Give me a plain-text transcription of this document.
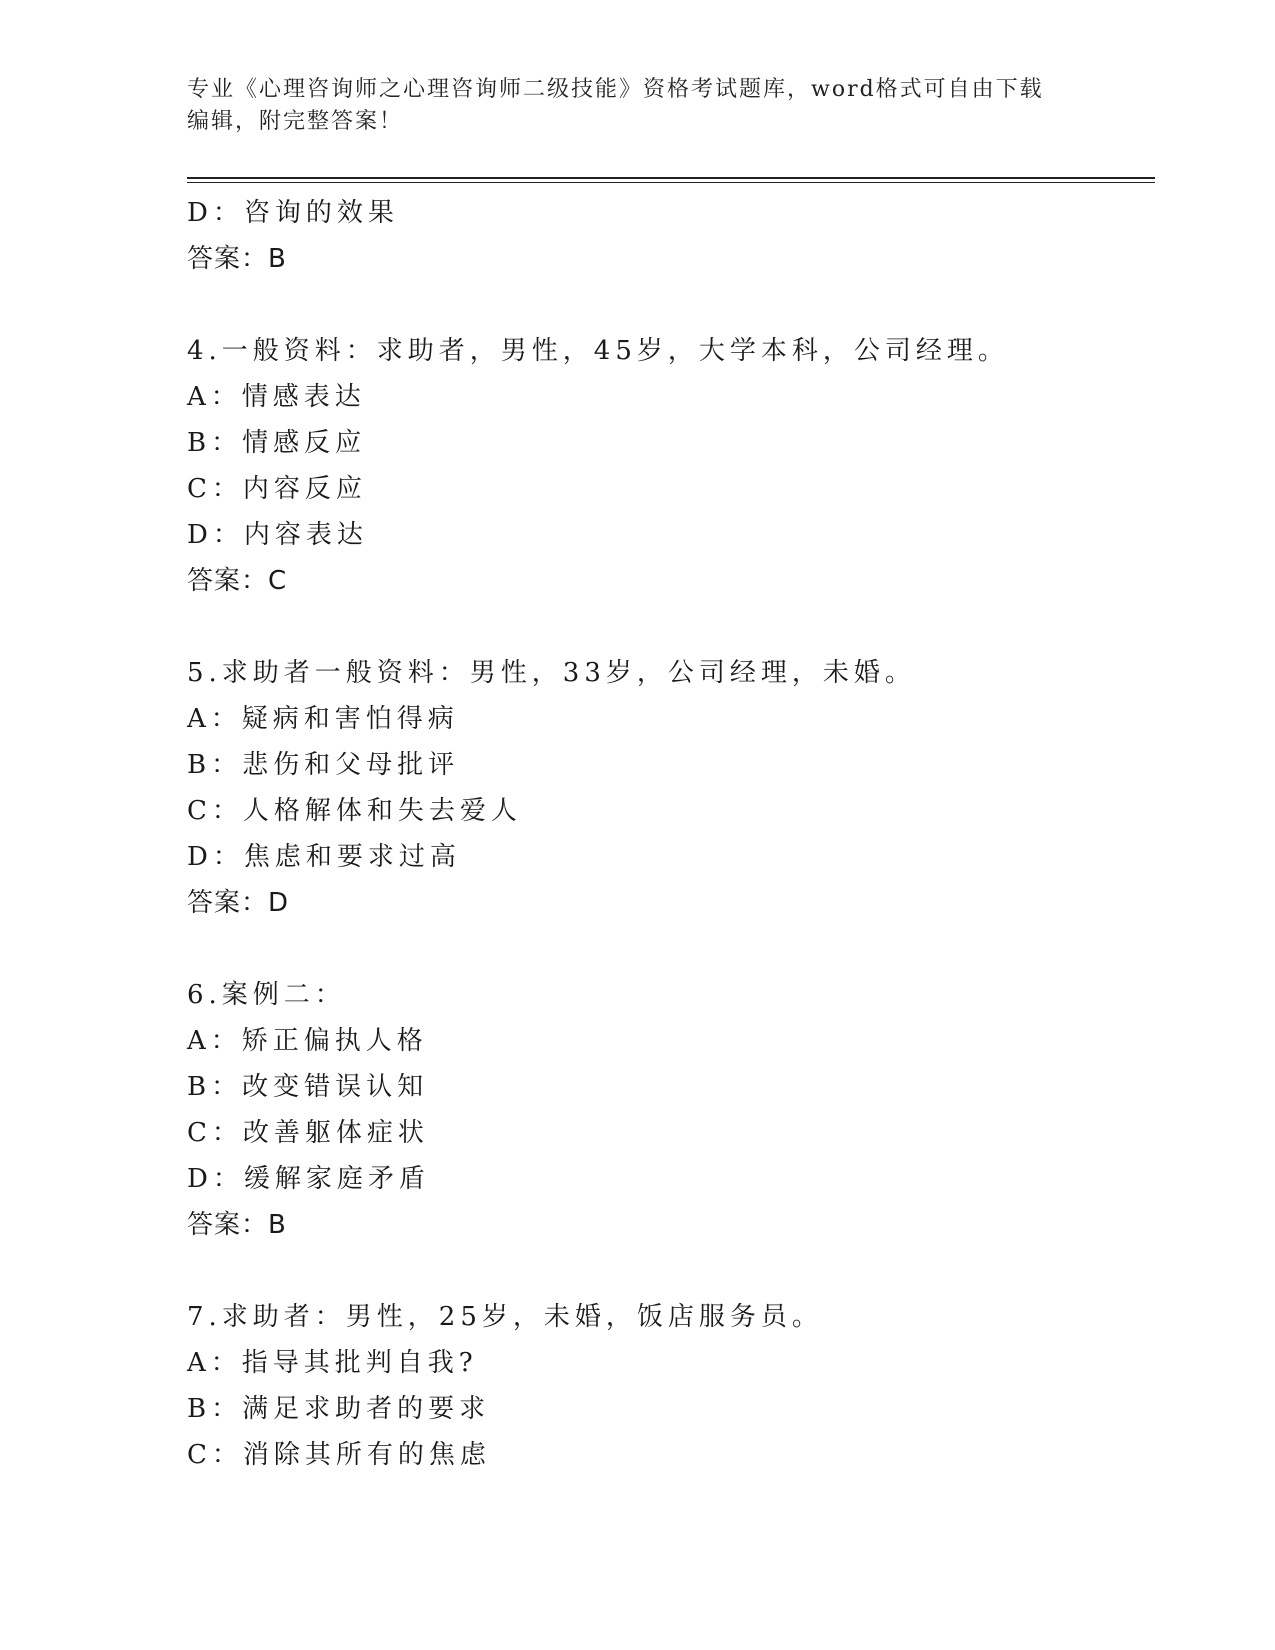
专业《心理咨询师之心理咨询师二级技能》资格考试题库，word格式可自由下载
编辑，附完整答案！
D：咨询的效果
答案：B
4.一般资料：求助者，男性，45岁，大学本科，公司经理。
A：情感表达
B：情感反应
C：内容反应
D：内容表达
答案：C
5.求助者一般资料：男性，33岁，公司经理，未婚。
A：疑病和害怕得病
B：悲伤和父母批评
C：人格解体和失去爱人
D：焦虑和要求过高
答案：D
6.案例二：
A：矫正偏执人格
B：改变错误认知
C：改善躯体症状
D：缓解家庭矛盾
答案：B
7.求助者：男性，25岁，未婚，饭店服务员。
A：指导其批判自我?
B：满足求助者的要求
C：消除其所有的焦虑
